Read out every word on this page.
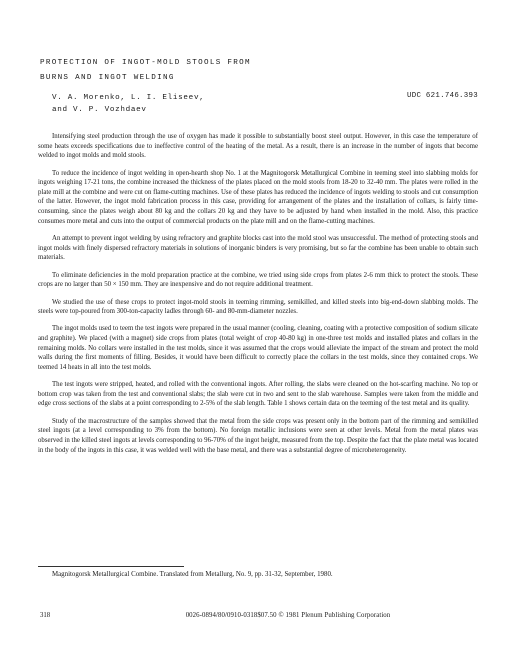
PROTECTION OF INGOT-MOLD STOOLS FROM
BURNS AND INGOT WELDING
V. A. Morenko, L. I. Eliseev,
and V. P. Vozhdaev
UDC 621.746.393

Intensifying steel production through the use of oxygen has made it possible to substantially boost steel output. However, in this case the temperature of some heats exceeds specifications due to ineffective control of the heating of the metal. As a result, there is an increase in the number of ingots that become welded to ingot molds and mold stools.

To reduce the incidence of ingot welding in open-hearth shop No. 1 at the Magnitogorsk Metallurgical Combine in teeming steel into slabbing molds for ingots weighing 17-21 tons, the combine increased the thickness of the plates placed on the mold stools from 18-20 to 32-40 mm. The plates were rolled in the plate mill at the combine and were cut on flame-cutting machines. Use of these plates has reduced the incidence of ingots welding to stools and cut consumption of the latter. However, the ingot mold fabrication process in this case, providing for arrangement of the plates and the installation of collars, is fairly time-consuming, since the plates weigh about 80 kg and the collars 20 kg and they have to be adjusted by hand when installed in the mold. Also, this practice consumes more metal and cuts into the output of commercial products on the plate mill and on the flame-cutting machines.

An attempt to prevent ingot welding by using refractory and graphite blocks cast into the mold stool was unsuccessful. The method of protecting stools and ingot molds with finely dispersed refractory materials in solutions of inorganic binders is very promising, but so far the combine has been unable to obtain such materials.

To eliminate deficiencies in the mold preparation practice at the combine, we tried using side crops from plates 2-6 mm thick to protect the stools. These crops are no larger than 50 × 150 mm. They are inexpensive and do not require additional treatment.

We studied the use of these crops to protect ingot-mold stools in teeming rimming, semikilled, and killed steels into big-end-down slabbing molds. The steels were top-poured from 300-ton-capacity ladles through 60- and 80-mm-diameter nozzles.

The ingot molds used to teem the test ingots were prepared in the usual manner (cooling, cleaning, coating with a protective composition of sodium silicate and graphite). We placed (with a magnet) side crops from plates (total weight of crop 40-80 kg) in one-three test molds and installed plates and collars in the remaining molds. No collars were installed in the test molds, since it was assumed that the crops would alleviate the impact of the stream and protect the mold walls during the first moments of filling. Besides, it would have been difficult to correctly place the collars in the test molds, since they contained crops. We teemed 14 heats in all into the test molds.

The test ingots were stripped, heated, and rolled with the conventional ingots. After rolling, the slabs were cleaned on the hot-scarfing machine. No top or bottom crop was taken from the test and conventional slabs; the slab were cut in two and sent to the slab warehouse. Samples were taken from the middle and edge cross sections of the slabs at a point corresponding to 2-5% of the slab length. Table 1 shows certain data on the teeming of the test metal and its quality.

Study of the macrostructure of the samples showed that the metal from the side crops was present only in the bottom part of the rimming and semikilled steel ingots (at a level corresponding to 3% from the bottom). No foreign metallic inclusions were seen at other levels. Metal from the metal plates was observed in the killed steel ingots at levels corresponding to 96-70% of the ingot height, measured from the top. Despite the fact that the plate metal was located in the body of the ingots in this case, it was welded well with the base metal, and there was a substantial degree of microheterogeneity.

Magnitogorsk Metallurgical Combine. Translated from Metallurg, No. 9, pp. 31-32, September, 1980.
318	0026-0894/80/0910-0318$07.50 © 1981 Plenum Publishing Corporation
